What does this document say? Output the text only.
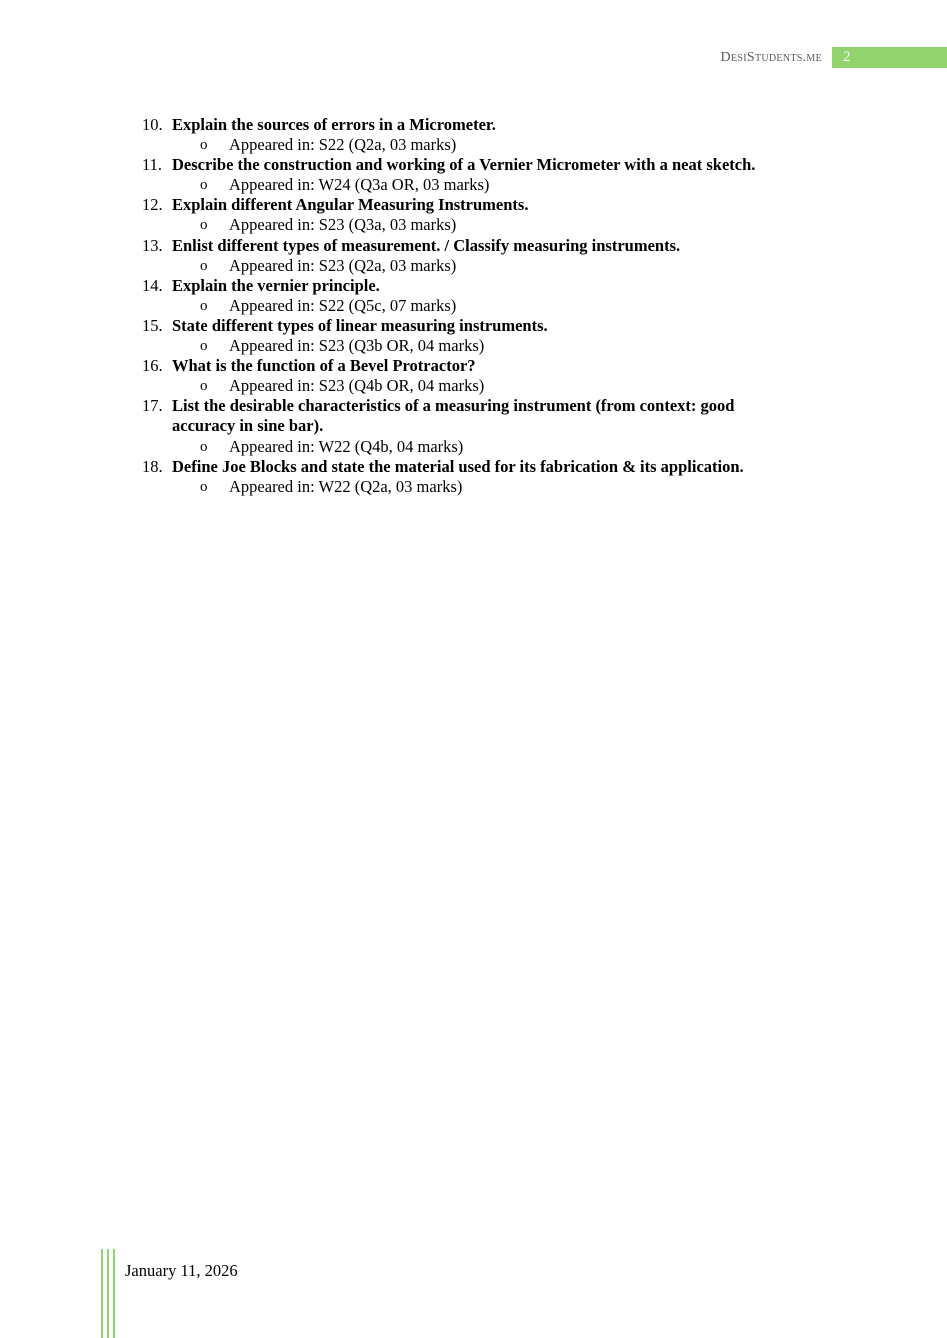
DesiStudents.me	2
10. Explain the sources of errors in a Micrometer.
o	Appeared in: S22 (Q2a, 03 marks)
11. Describe the construction and working of a Vernier Micrometer with a neat sketch.
o	Appeared in: W24 (Q3a OR, 03 marks)
12. Explain different Angular Measuring Instruments.
o	Appeared in: S23 (Q3a, 03 marks)
13. Enlist different types of measurement. / Classify measuring instruments.
o	Appeared in: S23 (Q2a, 03 marks)
14. Explain the vernier principle.
o	Appeared in: S22 (Q5c, 07 marks)
15. State different types of linear measuring instruments.
o	Appeared in: S23 (Q3b OR, 04 marks)
16. What is the function of a Bevel Protractor?
o	Appeared in: S23 (Q4b OR, 04 marks)
17. List the desirable characteristics of a measuring instrument (from context: good accuracy in sine bar).
o	Appeared in: W22 (Q4b, 04 marks)
18. Define Joe Blocks and state the material used for its fabrication & its application.
o	Appeared in: W22 (Q2a, 03 marks)
January 11, 2026
